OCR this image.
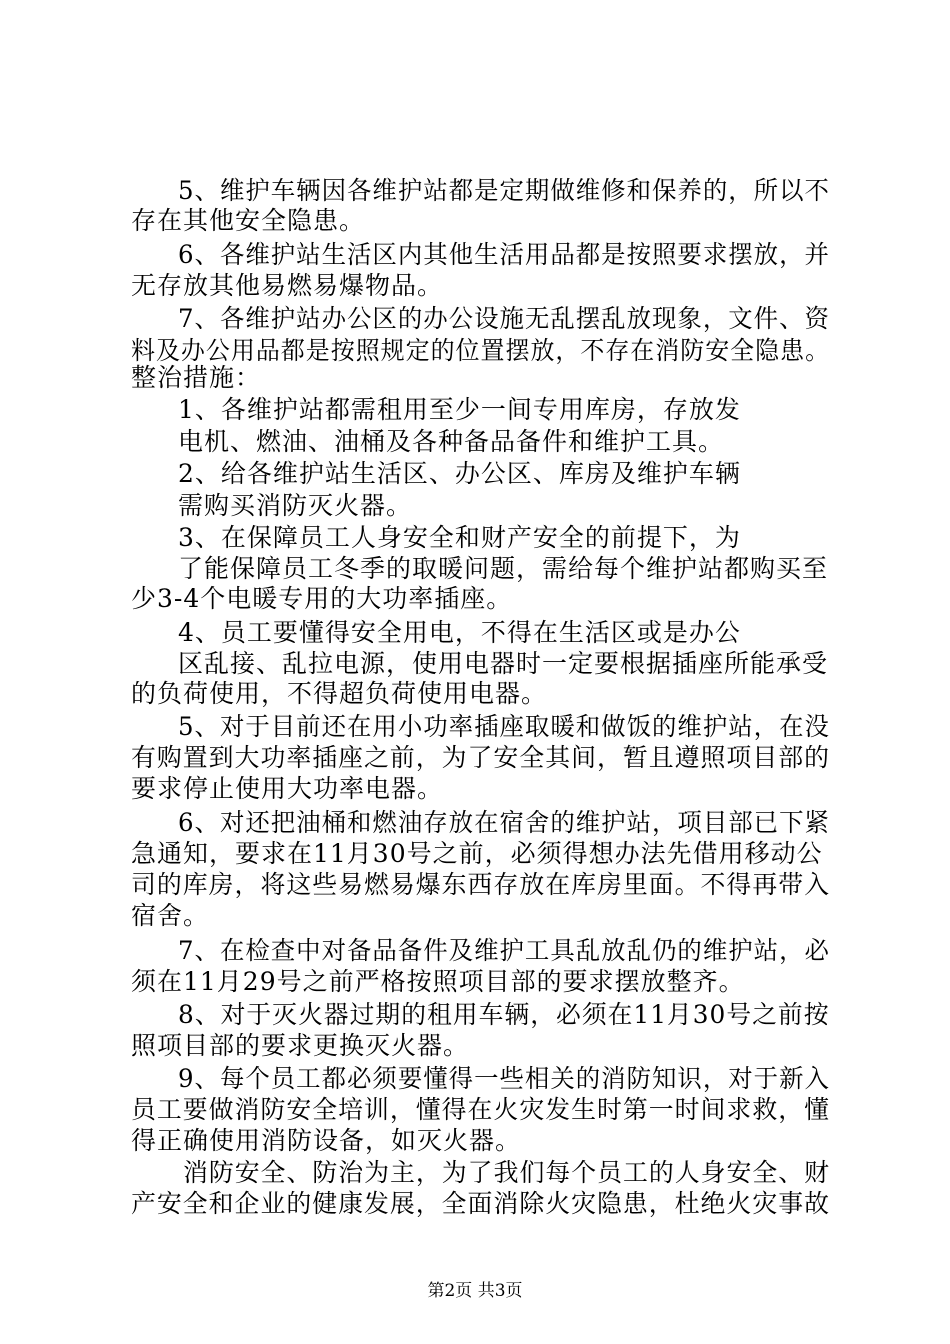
5、维护车辆因各维护站都是定期做维修和保养的，所以不
存在其他安全隐患。
6、各维护站生活区内其他生活用品都是按照要求摆放，并
无存放其他易燃易爆物品。
7、各维护站办公区的办公设施无乱摆乱放现象，文件、资
料及办公用品都是按照规定的位置摆放，不存在消防安全隐患。
整治措施：
1、各维护站都需租用至少一间专用库房，存放发
电机、燃油、油桶及各种备品备件和维护工具。
2、给各维护站生活区、办公区、库房及维护车辆
需购买消防灭火器。
3、在保障员工人身安全和财产安全的前提下，为
了能保障员工冬季的取暖问题，需给每个维护站都购买至
少3-4个电暖专用的大功率插座。
4、员工要懂得安全用电，不得在生活区或是办公
区乱接、乱拉电源，使用电器时一定要根据插座所能承受
的负荷使用，不得超负荷使用电器。
5、对于目前还在用小功率插座取暖和做饭的维护站，在没
有购置到大功率插座之前，为了安全其间，暂且遵照项目部的
要求停止使用大功率电器。
6、对还把油桶和燃油存放在宿舍的维护站，项目部已下紧
急通知，要求在11月30号之前，必须得想办法先借用移动公
司的库房，将这些易燃易爆东西存放在库房里面。不得再带入
宿舍。
7、在检查中对备品备件及维护工具乱放乱仍的维护站，必
须在11月29号之前严格按照项目部的要求摆放整齐。
8、对于灭火器过期的租用车辆，必须在11月30号之前按
照项目部的要求更换灭火器。
9、每个员工都必须要懂得一些相关的消防知识，对于新入
员工要做消防安全培训，懂得在火灾发生时第一时间求救，懂
得正确使用消防设备，如灭火器。
消防安全、防治为主，为了我们每个员工的人身安全、财
产安全和企业的健康发展，全面消除火灾隐患，杜绝火灾事故
第2页 共3页
